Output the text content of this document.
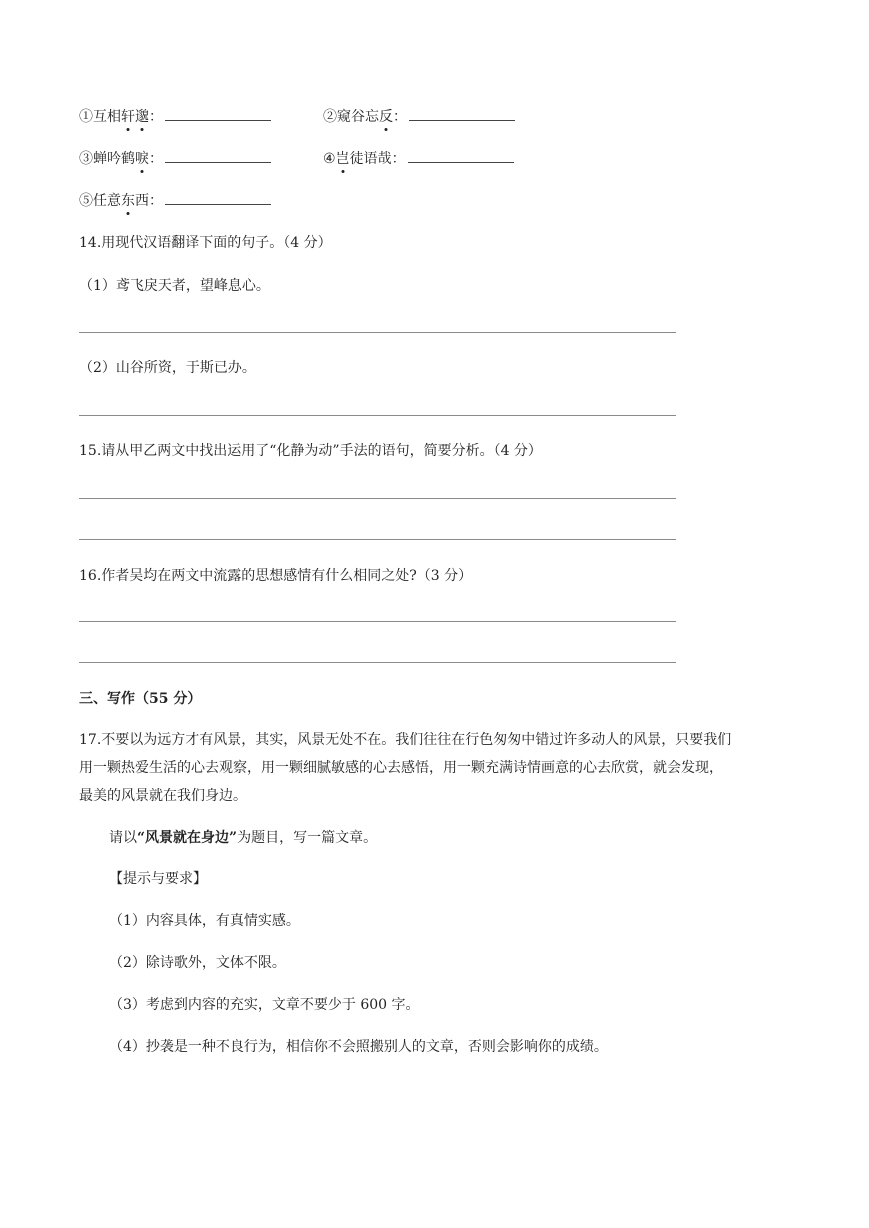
①互相轩邈：	②窥谷忘反：
③蝉吟鹤唳：	④岂徒语哉：
⑤任意东西：
14.用现代汉语翻译下面的句子。（4 分）
（1）鸢飞戾天者，望峰息心。
（2）山谷所资，于斯已办。
15.请从甲乙两文中找出运用了“化静为动”手法的语句，简要分析。（4 分）
16.作者吴均在两文中流露的思想感情有什么相同之处?（3 分）
三、写作（55 分）
17.不要以为远方才有风景，其实，风景无处不在。我们往往在行色匆匆中错过许多动人的风景，只要我们
用一颗热爱生活的心去观察，用一颗细腻敏感的心去感悟，用一颗充满诗情画意的心去欣赏，就会发现，
最美的风景就在我们身边。
请以“风景就在身边”为题目，写一篇文章。
【提示与要求】
（1）内容具体，有真情实感。
（2）除诗歌外，文体不限。
（3）考虑到内容的充实，文章不要少于 600 字。
（4）抄袭是一种不良行为，相信你不会照搬别人的文章，否则会影响你的成绩。
